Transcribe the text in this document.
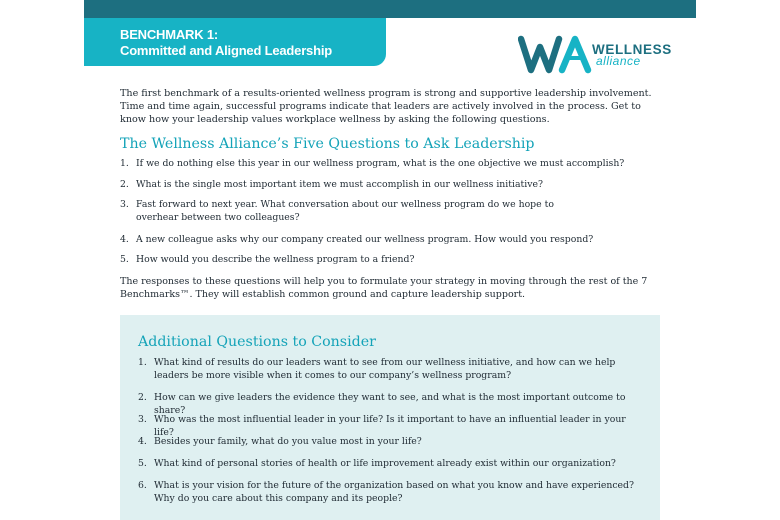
BENCHMARK 1:
Committed and Aligned Leadership	WELLNESS
alliance
The first benchmark of a results-oriented wellness program is strong and supportive leadership involvement. Time and time again, successful programs indicate that leaders are actively involved in the process. Get to know how your leadership values workplace wellness by asking the following questions.
The Wellness Alliance’s Five Questions to Ask Leadership
1. If we do nothing else this year in our wellness program, what is the one objective we must accomplish?
2. What is the single most important item we must accomplish in our wellness initiative?
3. Fast forward to next year. What conversation about our wellness program do we hope to overhear between two colleagues?
4. A new colleague asks why our company created our wellness program. How would you respond?
5. How would you describe the wellness program to a friend?
The responses to these questions will help you to formulate your strategy in moving through the rest of the 7 Benchmarks™. They will establish common ground and capture leadership support.
Additional Questions to Consider
1. What kind of results do our leaders want to see from our wellness initiative, and how can we help leaders be more visible when it comes to our company’s wellness program?
2. How can we give leaders the evidence they want to see, and what is the most important outcome to share?
3. Who was the most influential leader in your life? Is it important to have an influential leader in your life?
4. Besides your family, what do you value most in your life?
5. What kind of personal stories of health or life improvement already exist within our organization?
6. What is your vision for the future of the organization based on what you know and have experienced? Why do you care about this company and its people?
